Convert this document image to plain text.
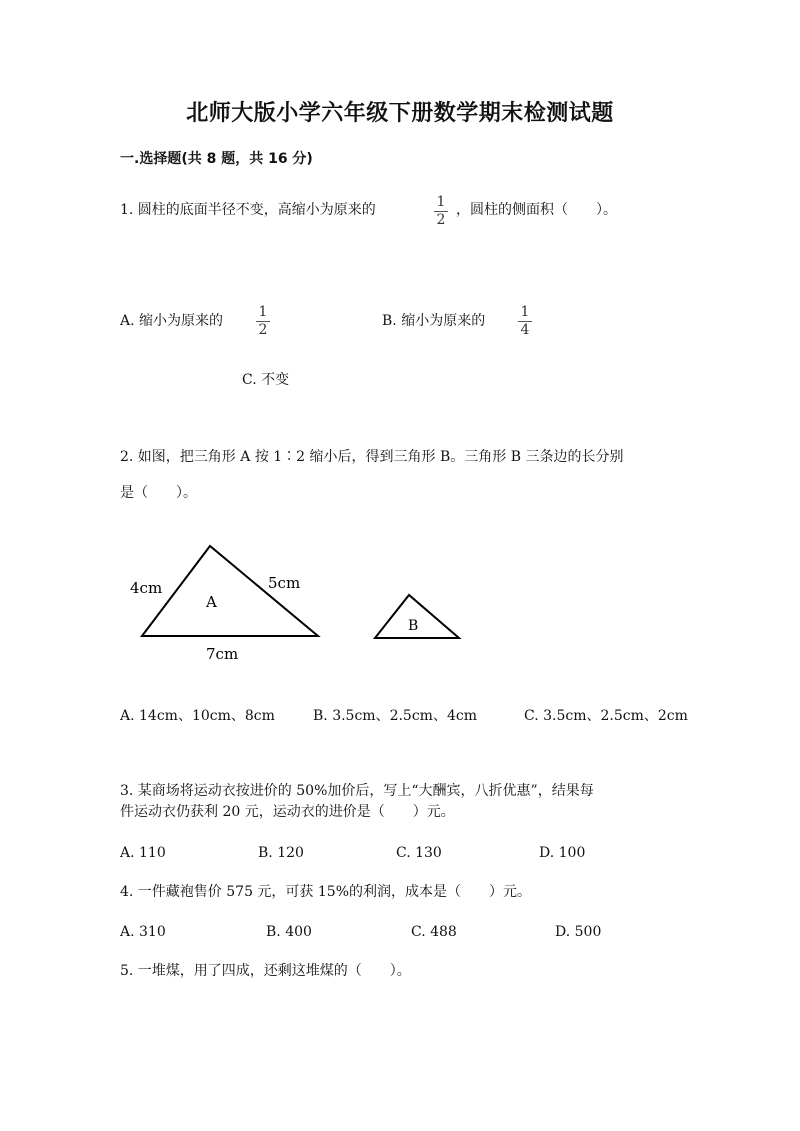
北师大版小学六年级下册数学期末检测试题
一.选择题(共 8 题，共 16 分)
1. 圆柱的底面半径不变，高缩小为原来的	1
2
，圆柱的侧面积（　　）。
A. 缩小为原来的
1
2
B. 缩小为原来的
1
4
C. 不变
2. 如图，把三角形 A 按 1∶2 缩小后，得到三角形 B。三角形 B 三条边的长分别
是（　　）。
4cm	5cm
7cm
A
B
A. 14cm、10cm、8cm	B. 3.5cm、2.5cm、4cm	C. 3.5cm、2.5cm、2cm
3. 某商场将运动衣按进价的 50%加价后，写上“大酬宾，八折优惠”，结果每
件运动衣仍获利 20 元，运动衣的进价是（　　）元。
A. 110	B. 120	C. 130	D. 100
4. 一件藏袍售价 575 元，可获 15%的利润，成本是（　　）元。
A. 310	B. 400	C. 488	D. 500
5. 一堆煤，用了四成，还剩这堆煤的（　　）。
